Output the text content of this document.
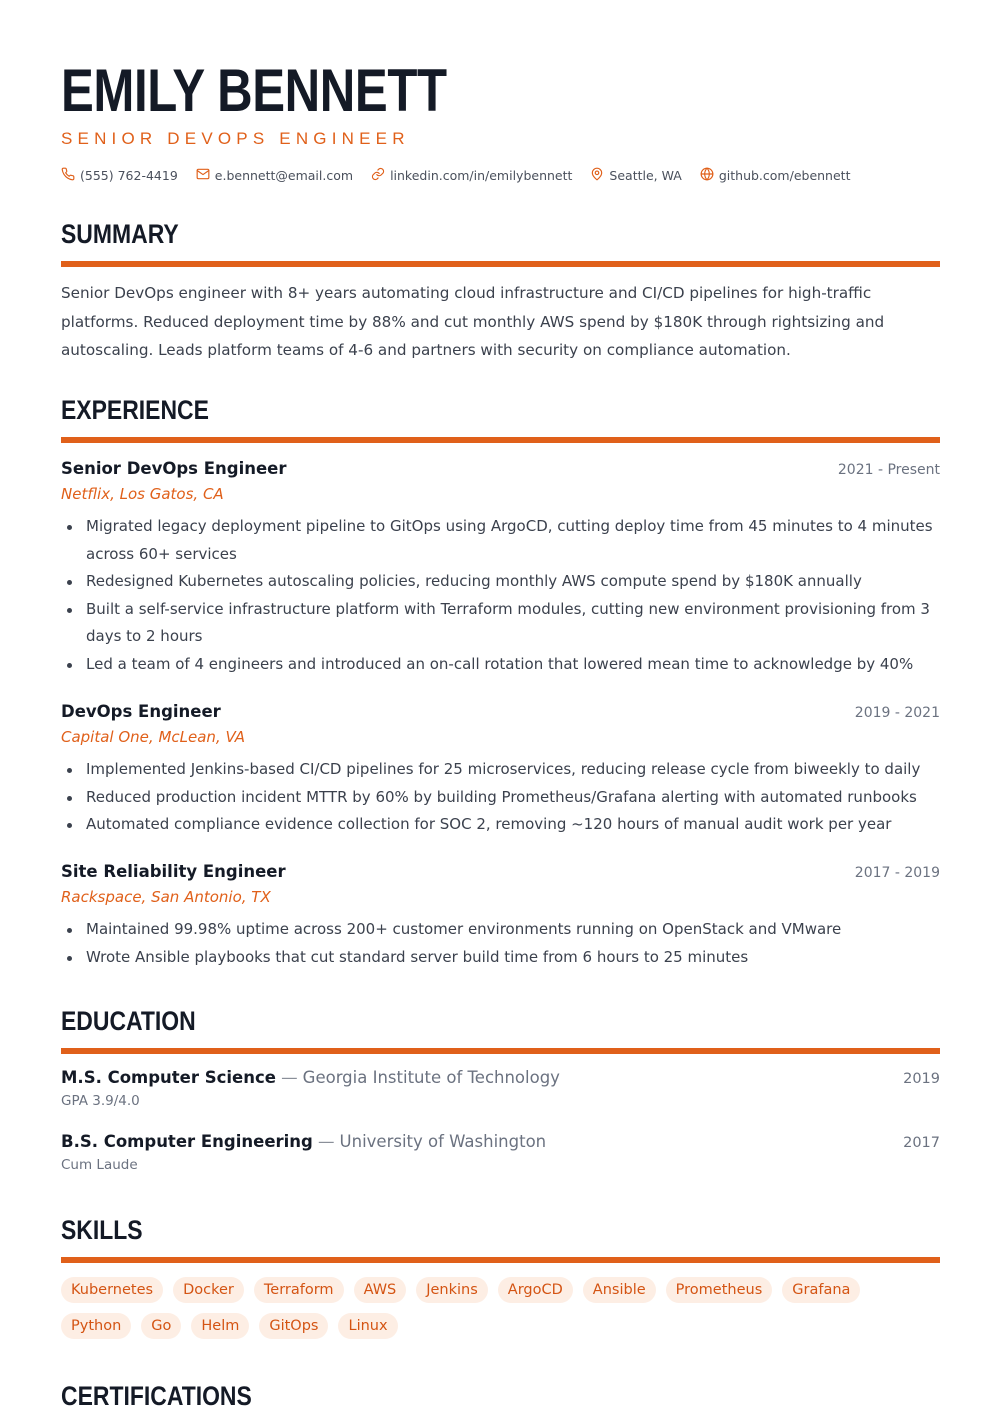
EMILY BENNETT
SENIOR DEVOPS ENGINEER
(555) 762-4419	e.bennett@email.com	linkedin.com/in/emilybennett	Seattle, WA	github.com/ebennett
SUMMARY

Senior DevOps engineer with 8+ years automating cloud infrastructure and CI/CD pipelines for high-traffic platforms. Reduced deployment time by 88% and cut monthly AWS spend by $180K through rightsizing and autoscaling. Leads platform teams of 4-6 and partners with security on compliance automation.

EXPERIENCE
Senior DevOps Engineer	2021 - Present
Netflix, Los Gatos, CA
Migrated legacy deployment pipeline to GitOps using ArgoCD, cutting deploy time from 45 minutes to 4 minutes across 60+ services
Redesigned Kubernetes autoscaling policies, reducing monthly AWS compute spend by $180K annually
Built a self-service infrastructure platform with Terraform modules, cutting new environment provisioning from 3 days to 2 hours
Led a team of 4 engineers and introduced an on-call rotation that lowered mean time to acknowledge by 40%
DevOps Engineer	2019 - 2021
Capital One, McLean, VA
Implemented Jenkins-based CI/CD pipelines for 25 microservices, reducing release cycle from biweekly to daily
Reduced production incident MTTR by 60% by building Prometheus/Grafana alerting with automated runbooks
Automated compliance evidence collection for SOC 2, removing ~120 hours of manual audit work per year
Site Reliability Engineer	2017 - 2019
Rackspace, San Antonio, TX
Maintained 99.98% uptime across 200+ customer environments running on OpenStack and VMware
Wrote Ansible playbooks that cut standard server build time from 6 hours to 25 minutes
EDUCATION
M.S. Computer Science — Georgia Institute of Technology	2019
GPA 3.9/4.0
B.S. Computer Engineering — University of Washington	2017
Cum Laude
SKILLS
Kubernetes	Docker	Terraform	AWS	Jenkins	ArgoCD	Ansible	Prometheus	Grafana
Python	Go	Helm	GitOps	Linux
CERTIFICATIONS
